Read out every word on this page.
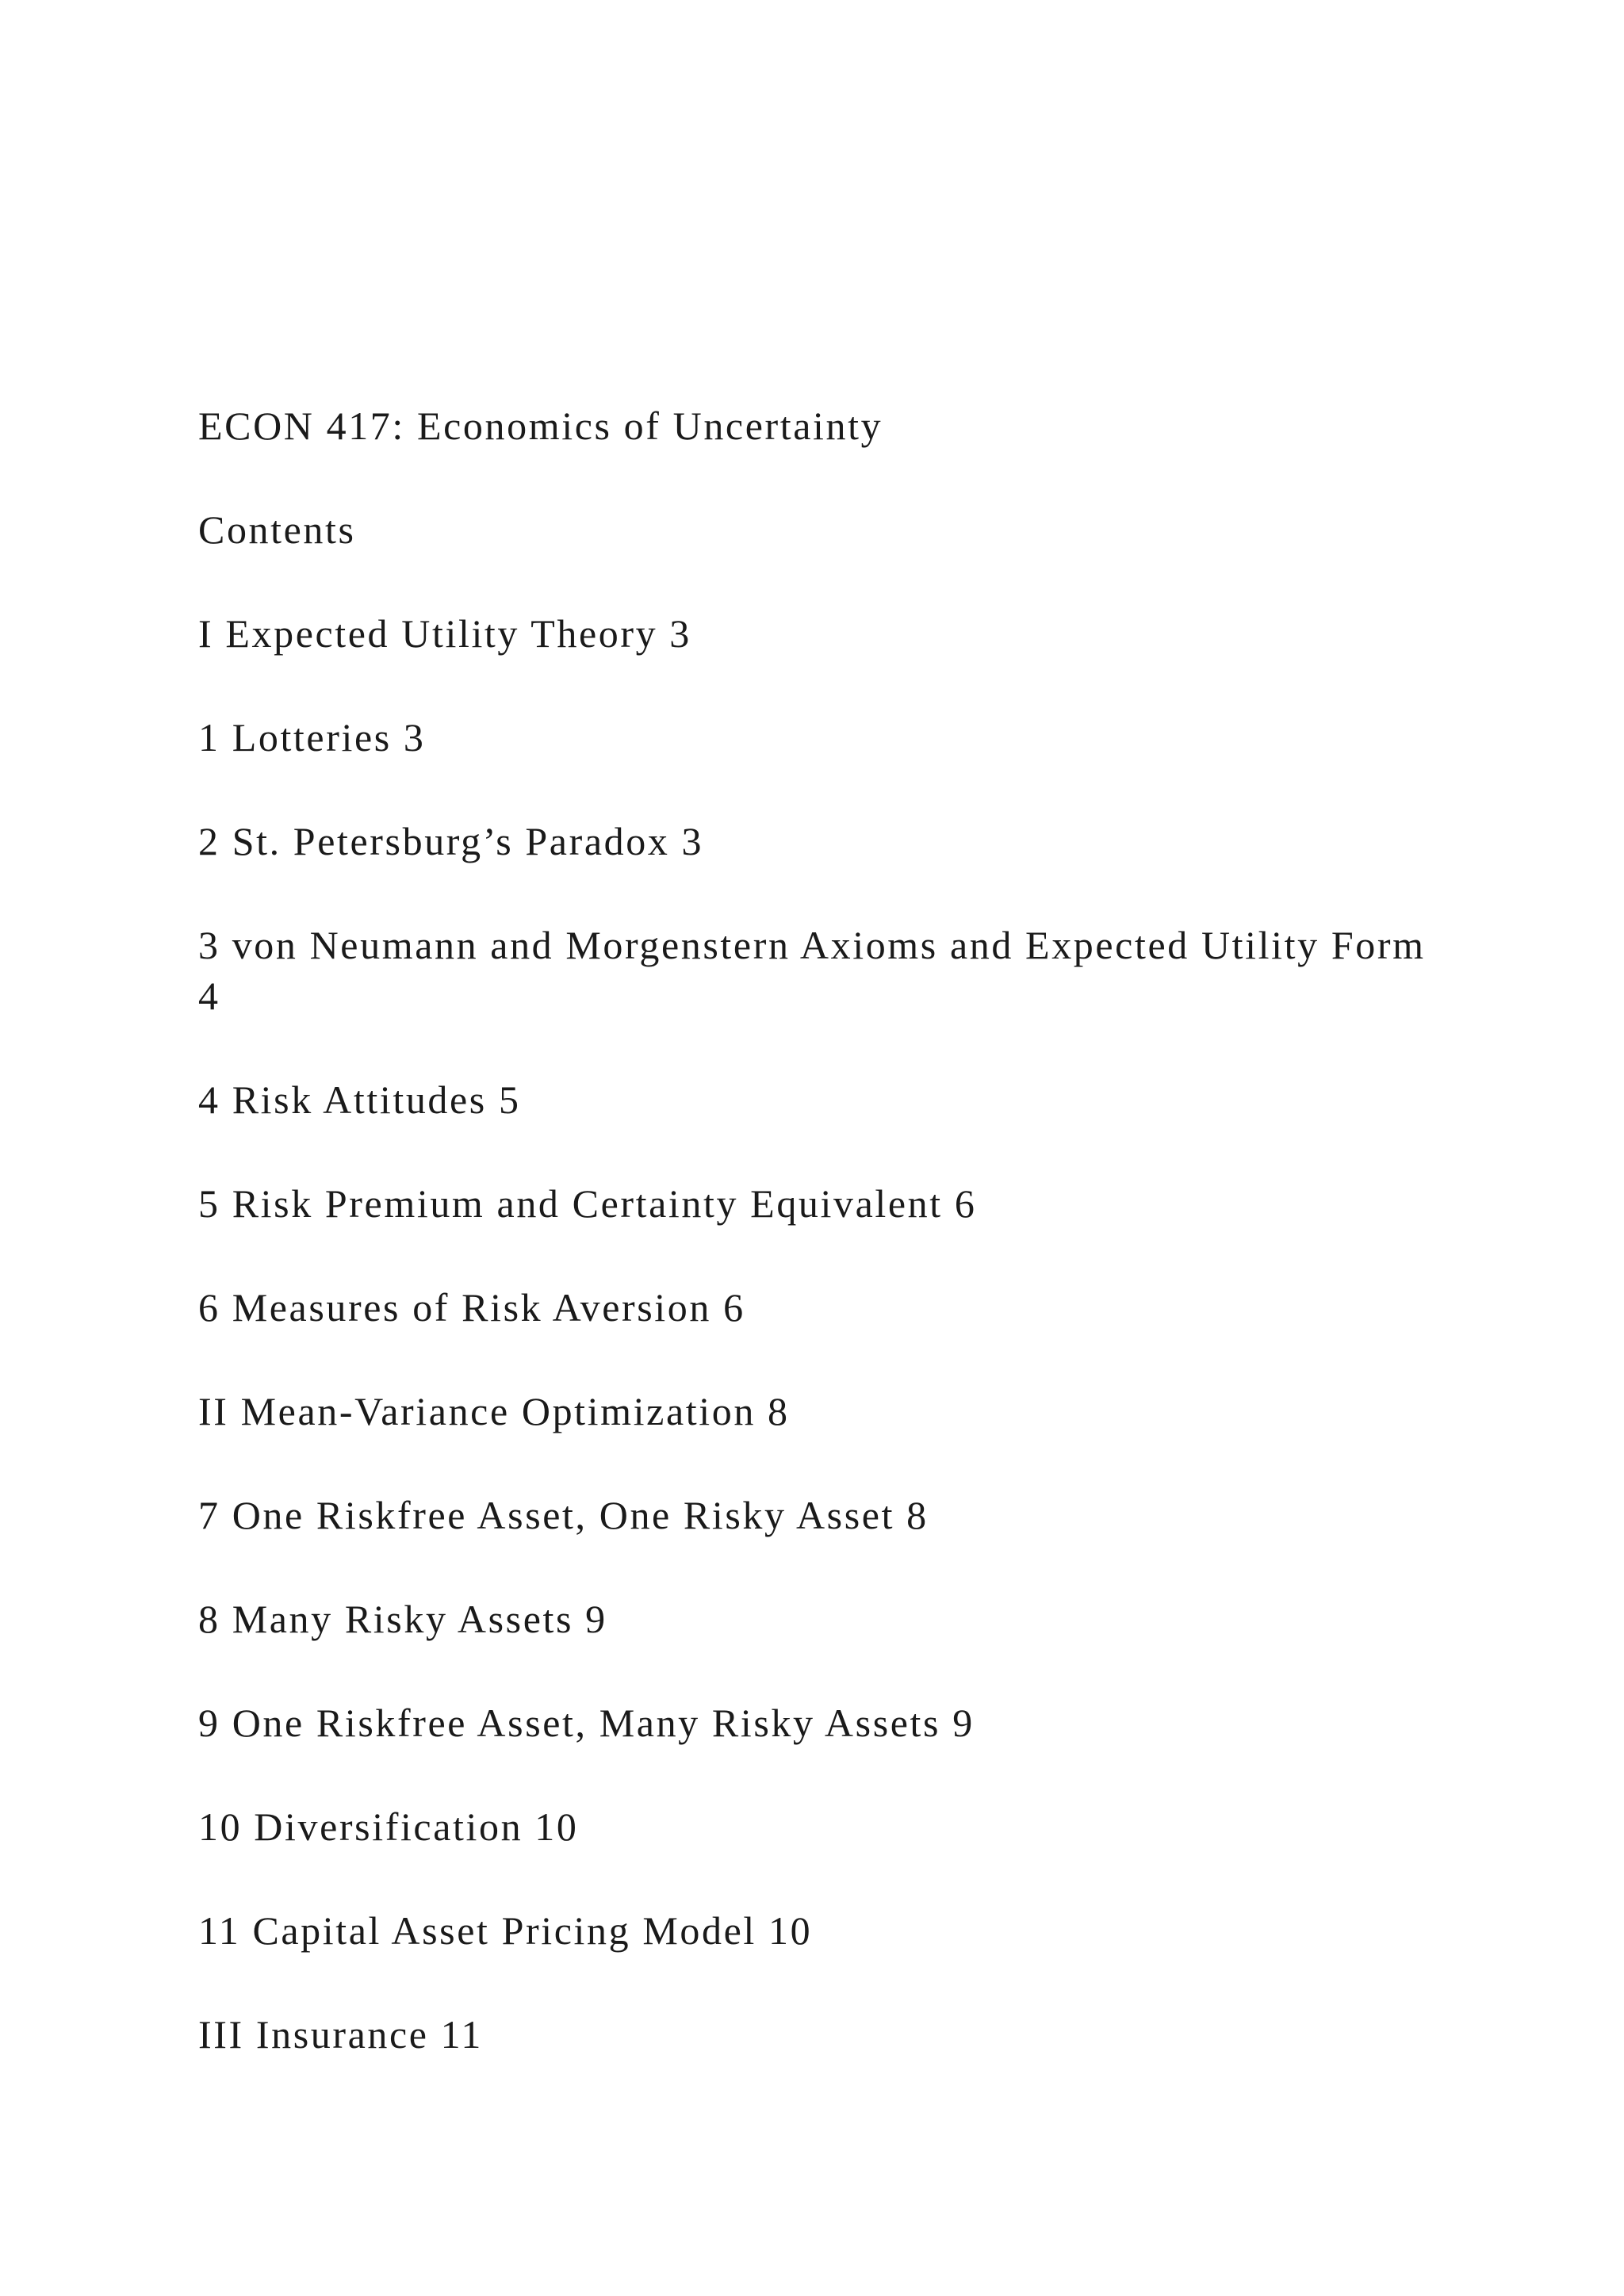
ECON 417: Economics of Uncertainty
Contents
I Expected Utility Theory 3
1 Lotteries 3
2 St. Petersburg’s Paradox 3
3 von Neumann and Morgenstern Axioms and Expected Utility Form 4
4 Risk Attitudes 5
5 Risk Premium and Certainty Equivalent 6
6 Measures of Risk Aversion 6
II Mean-Variance Optimization 8
7 One Riskfree Asset, One Risky Asset 8
8 Many Risky Assets 9
9 One Riskfree Asset, Many Risky Assets 9
10 Diversification 10
11 Capital Asset Pricing Model 10
III Insurance 11
